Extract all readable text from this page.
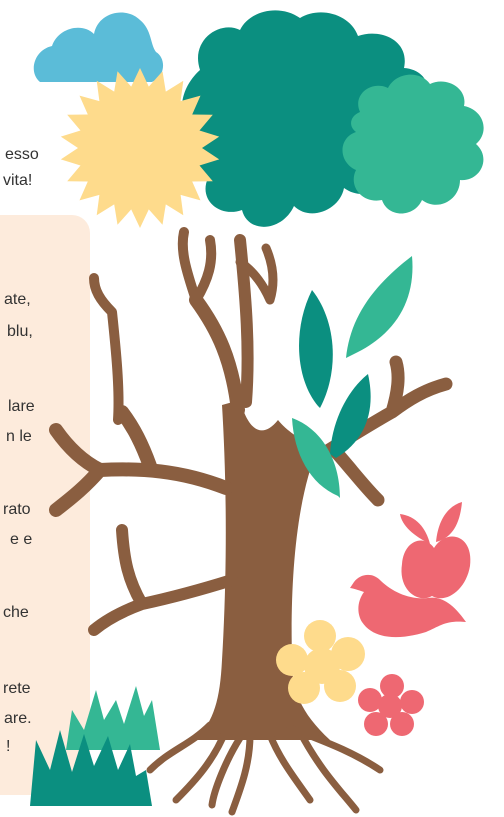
esso
vita!
ate,
blu,
lare
n le
rato
e e
che
rete
are.
!
